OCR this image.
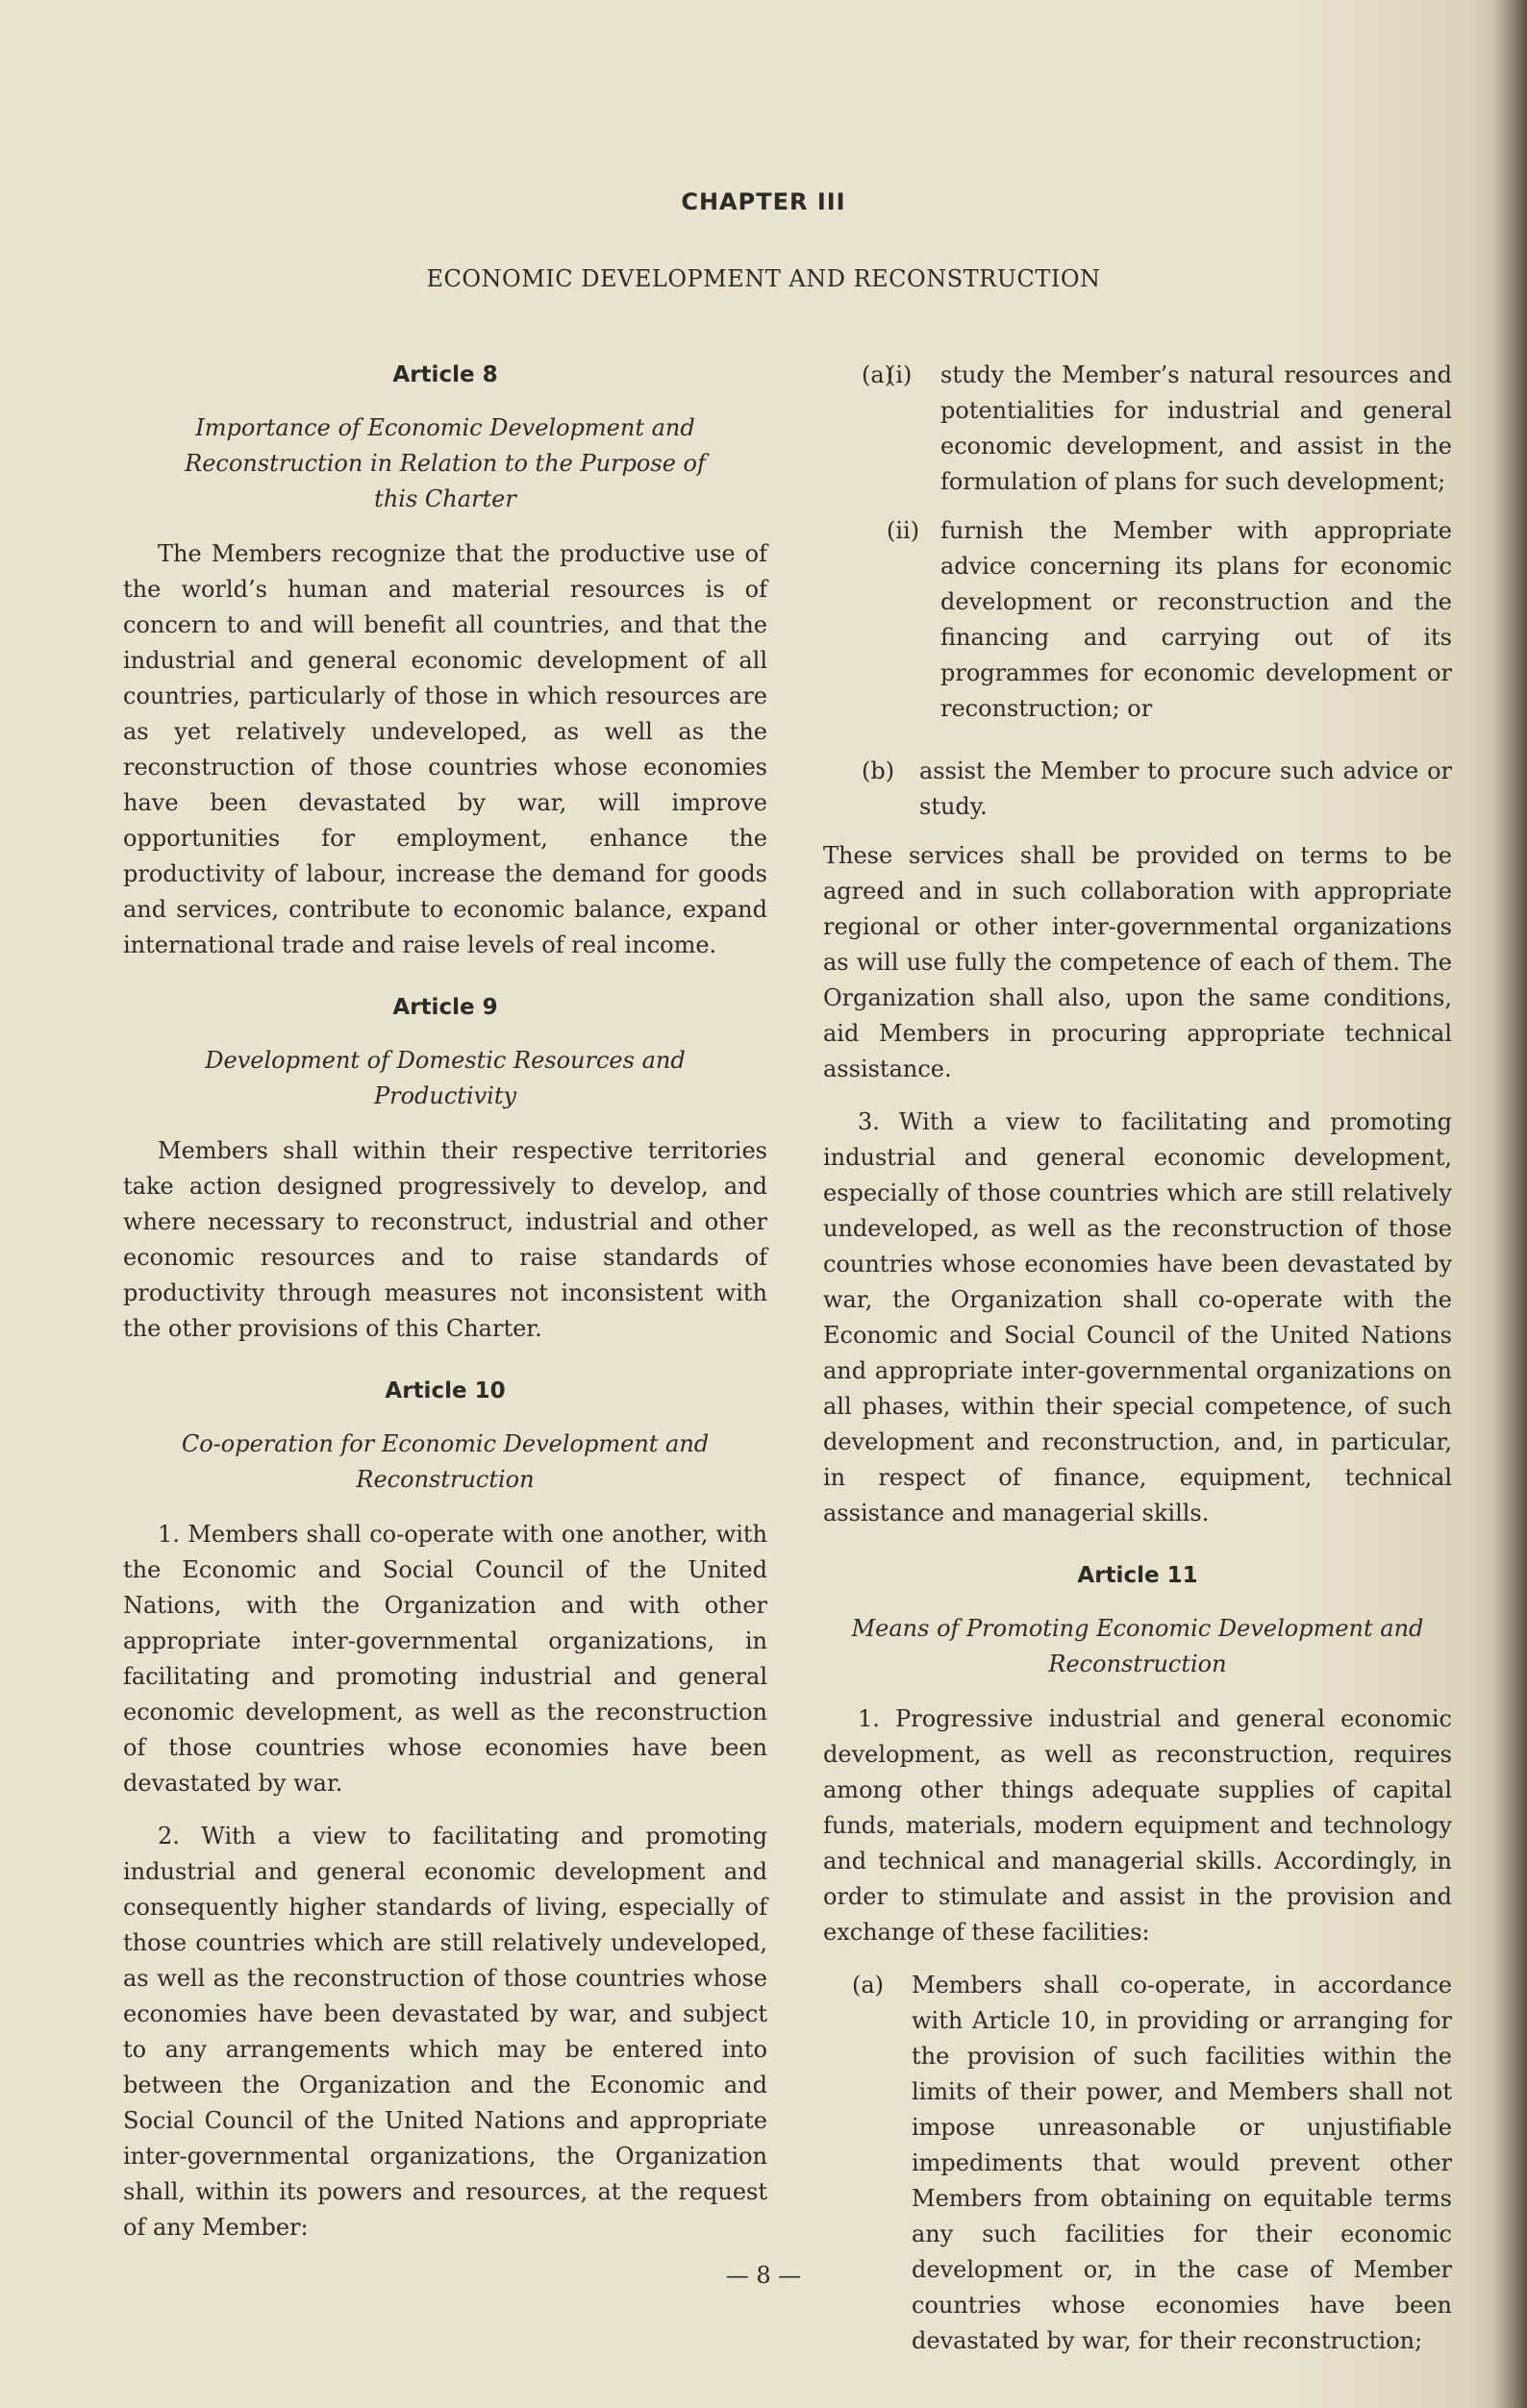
CHAPTER III
ECONOMIC DEVELOPMENT AND RECONSTRUCTION
Article 8
Importance of Economic Development and Reconstruction in Relation to the Purpose of this Charter

The Members recognize that the productive use of the world’s human and material resources is of concern to and will benefit all countries, and that the industrial and general economic development of all countries, particularly of those in which resources are as yet relatively undeveloped, as well as the reconstruction of those countries whose economies have been devastated by war, will improve opportunities for employment, enhance the productivity of labour, increase the demand for goods and services, contribute to economic balance, expand international trade and raise levels of real income.

Article 9
Development of Domestic Resources and Productivity

Members shall within their respective territories take action designed progressively to develop, and where necessary to reconstruct, industrial and other economic resources and to raise standards of productivity through measures not inconsistent with the other provisions of this Charter.

Article 10
Co-operation for Economic Development and Reconstruction

1. Members shall co-operate with one another, with the Economic and Social Council of the United Nations, with the Organization and with other appropriate inter-governmental organizations, in facilitating and promoting industrial and general economic development, as well as the reconstruction of those countries whose economies have been devastated by war.

2. With a view to facilitating and promoting industrial and general economic development and consequently higher standards of living, especially of those countries which are still relatively undeveloped, as well as the reconstruction of those countries whose economies have been devastated by war, and subject to any arrangements which may be entered into between the Organization and the Economic and Social Council of the United Nations and appropriate inter-governmental organizations, the Organization shall, within its powers and resources, at the request of any Member:

(a)
(i)	study the Member’s natural resources and potentialities for industrial and general economic development, and assist in the formulation of plans for such development;
(ii) furnish the Member with appropriate advice concerning its plans for economic development or reconstruction and the financing and carrying out of its programmes for economic development or reconstruction; or
(b)	assist the Member to procure such advice or study.

These services shall be provided on terms to be agreed and in such collaboration with appropriate regional or other inter-governmental organizations as will use fully the competence of each of them. The Organization shall also, upon the same conditions, aid Members in procuring appropriate technical assistance.

3. With a view to facilitating and promoting industrial and general economic development, especially of those countries which are still relatively undeveloped, as well as the reconstruction of those countries whose economies have been devastated by war, the Organization shall co-operate with the Economic and Social Council of the United Nations and appropriate inter-governmental organizations on all phases, within their special competence, of such development and reconstruction, and, in particular, in respect of finance, equipment, technical assistance and managerial skills.

Article 11
Means of Promoting Economic Development and Reconstruction

1. Progressive industrial and general economic development, as well as reconstruction, requires among other things adequate supplies of capital funds, materials, modern equipment and technology and technical and managerial skills. Accordingly, in order to stimulate and assist in the provision and exchange of these facilities:

(a)	Members shall co-operate, in accordance with Article 10, in providing or arranging for the provision of such facilities within the limits of their power, and Members shall not impose unreasonable or unjustifiable impediments that would prevent other Members from obtaining on equitable terms any such facilities for their economic development or, in the case of Member countries whose economies have been devastated by war, for their reconstruction;
— 8 —
